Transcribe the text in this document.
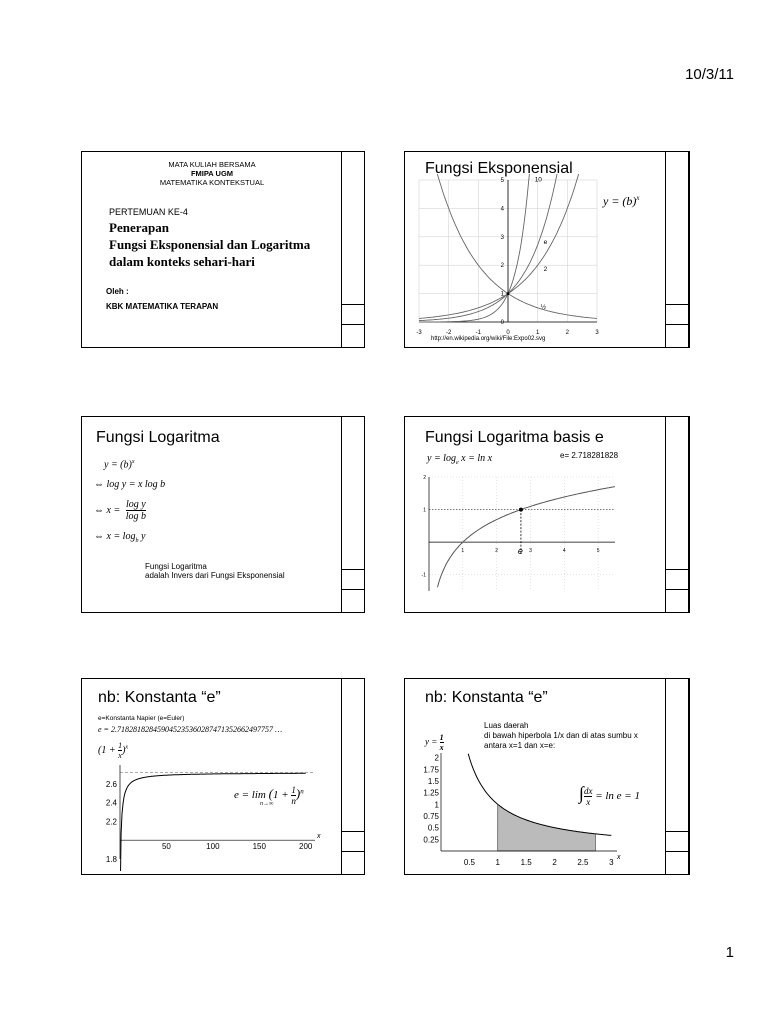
10/3/11
MATA KULIAH BERSAMA
FMIPA UGM
MATEMATIKA KONTEKSTUAL
PERTEMUAN KE-4
Penerapan
Fungsi Eksponensial dan Logaritma
dalam konteks sehari-hari
Oleh :
KBK MATEMATIKA TERAPAN
Fungsi Eksponensial
$y = (b)^x$
-3	-2	-1	0	1	2	3
0
1
2
3
4
5	10
e
2
½
http://en.wikipedia.org/wiki/File:Expo02.svg
Fungsi Logaritma
$y = (b)^x$
⇔ log y = x log b
⇔ $x = \frac{\text{log y}}{\text{log b}}$
⇔ $x = \log_b y$
Fungsi Logaritma
adalah Invers dari Fungsi Eksponensial
Fungsi Logaritma basis e
$y = \log_e x = \ln x$	e= 2.718281828
1	2	3	4	5
2
1
-1
e
nb: Konstanta “e”
e=Konstanta Napier (e=Euler)
e = 2.71828182845904523536028747135266249775​7 …
$(1 + \frac{1}{x} )^x$
$e = \lim (1 + \frac{1}{n} )^n$
n→∞
50	100	150	200
x
2.6
2.4
2.2
1.8
nb: Konstanta “e”
Luas daerah
di bawah hiperbola 1/x dan di atas sumbu x
antara x=1 dan x=e:
$y = \frac{1}{x}$
∫ $\frac{dx}{x} = \ln e = 1$
0.5	1	1.5	2	2.5	3
x
2
1.75
1.5
1.25
1
0.75
0.5
0.25
1
